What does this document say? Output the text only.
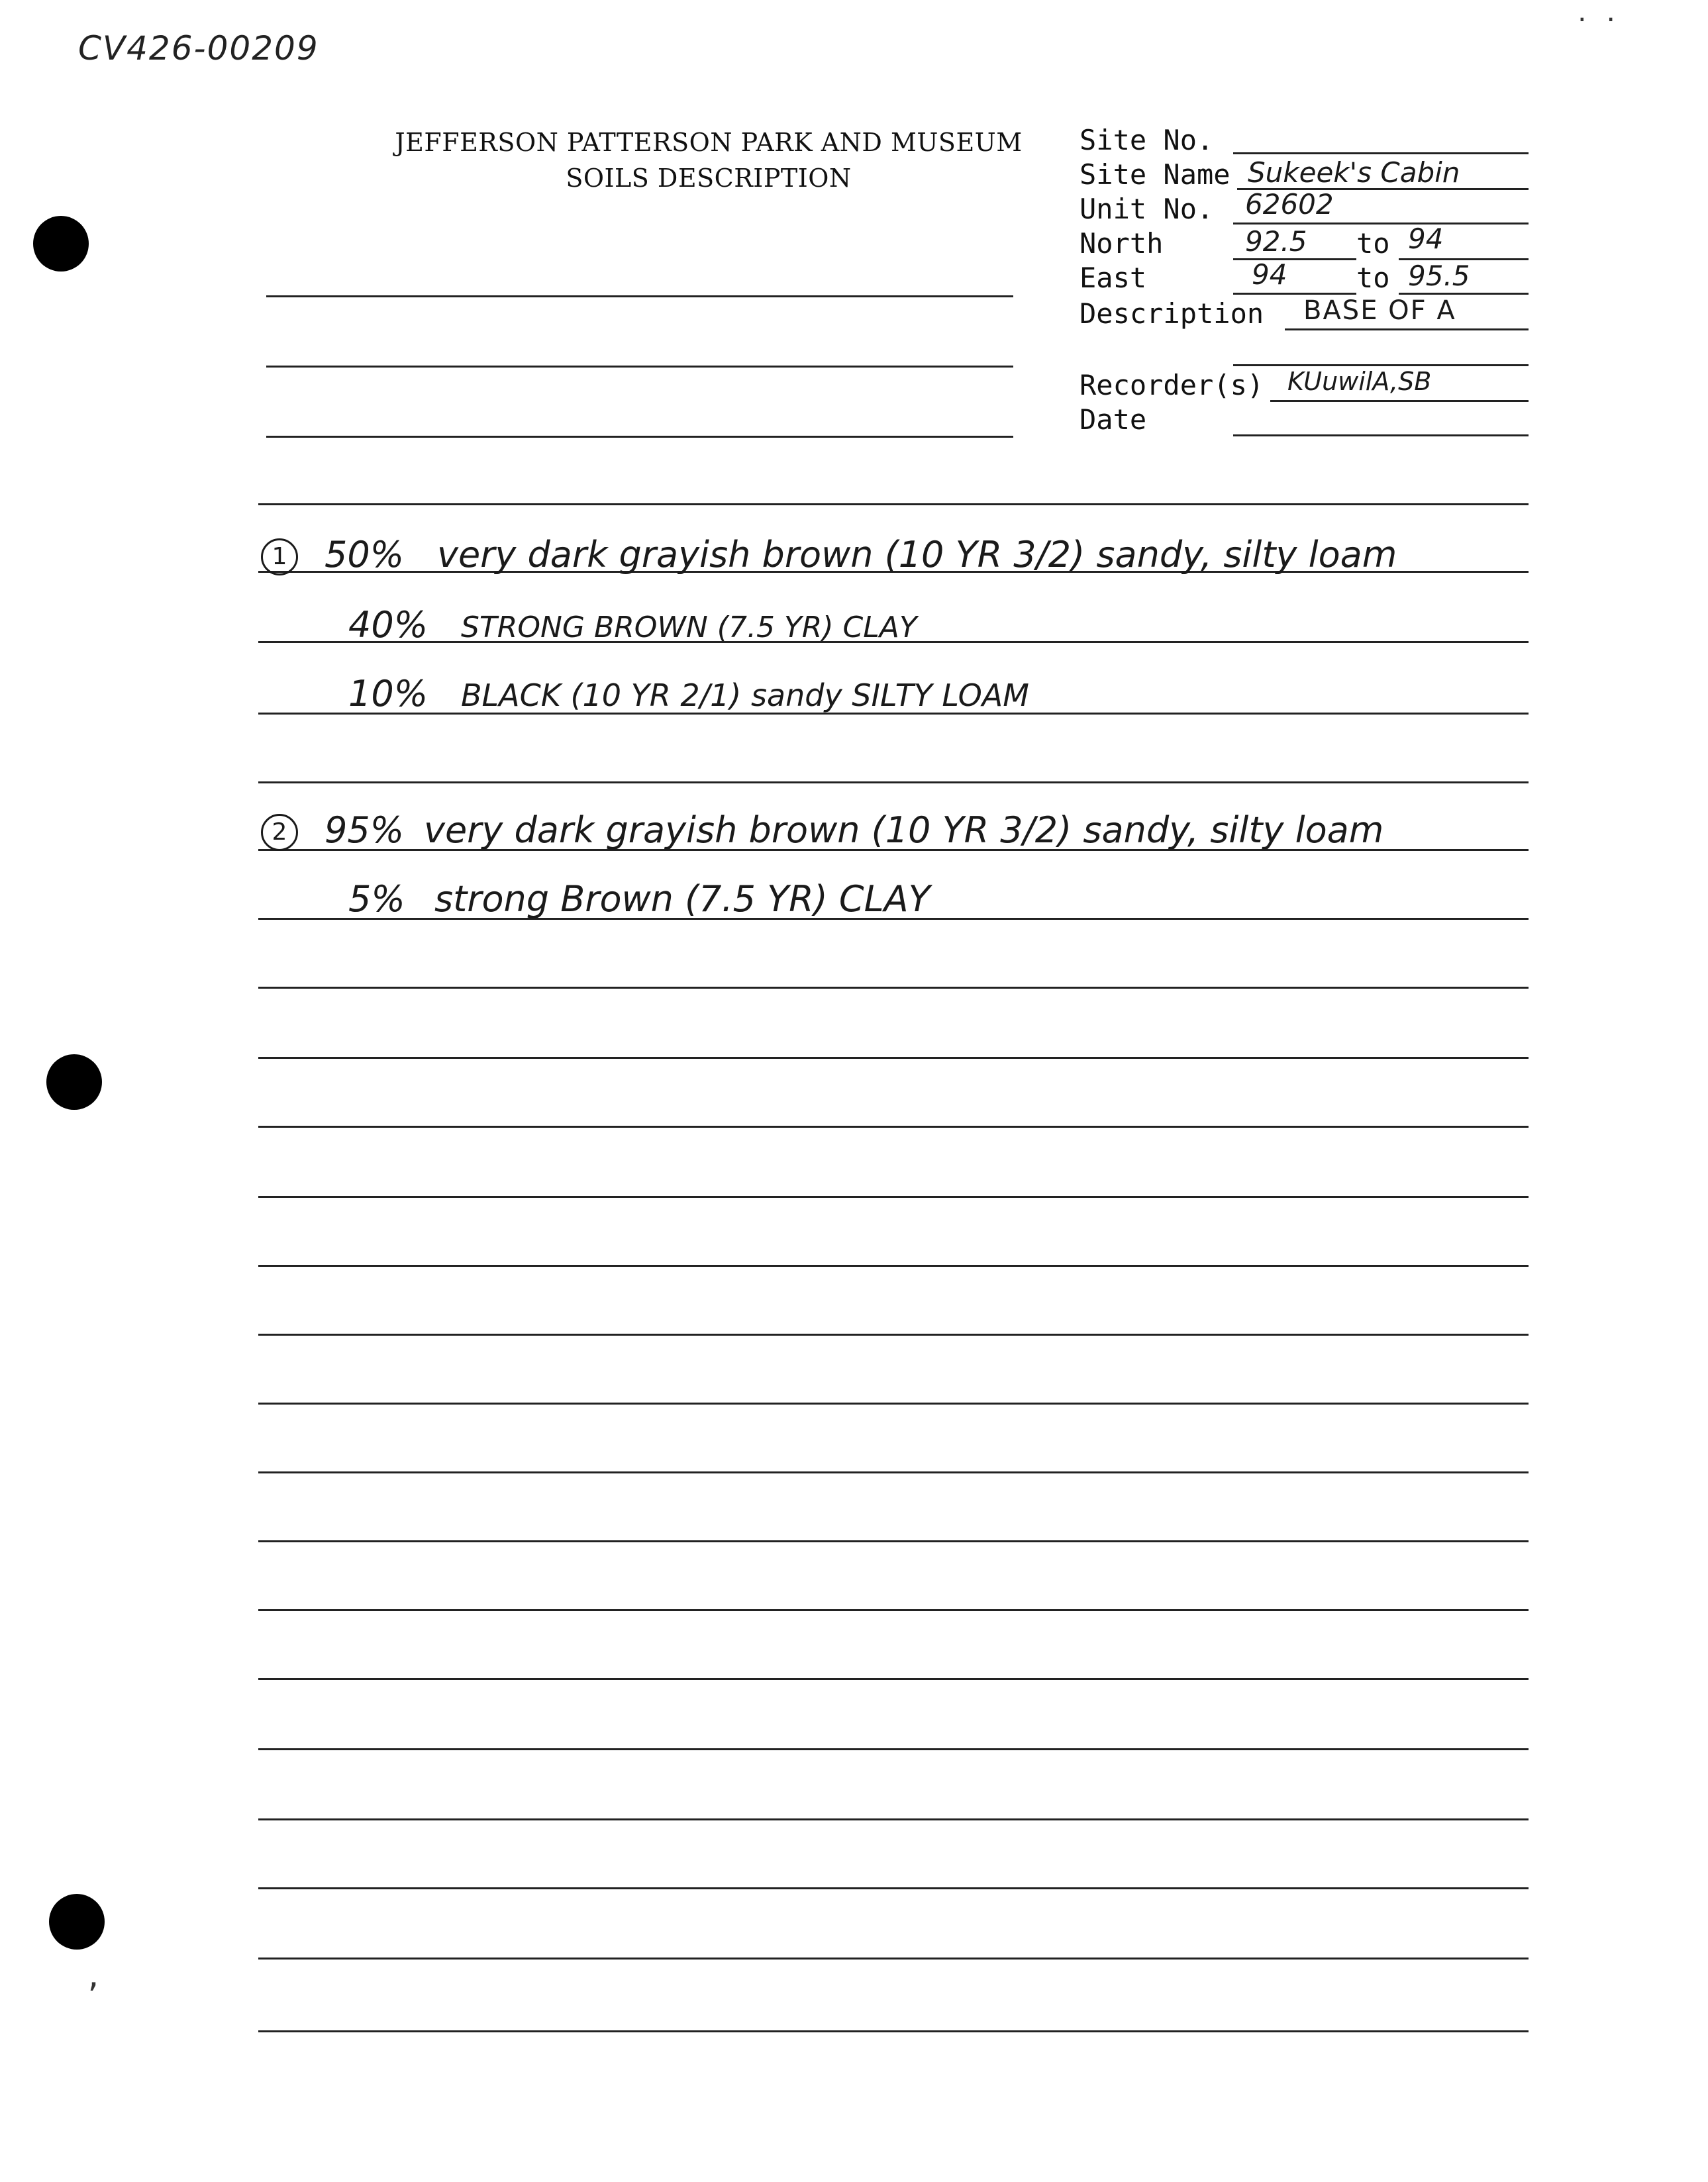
CV426-00209
JEFFERSON PATTERSON PARK AND MUSEUM
SOILS DESCRIPTION
Site No.
Site Name Sukeek's Cabin
Unit No. 62602
North	92.5 to 94
East	94 to 95.5
Description BASE OF A
Recorder(s) KUuwilA,SB
Date
1 50% very dark grayish brown (10 YR 3/2) sandy, silty loam
40% STRONG BROWN (7.5 YR) CLAY
10% BLACK (10 YR 2/1) sandy SILTY LOAM
2 95% very dark grayish brown (10 YR 3/2) sandy, silty loam
5% strong Brown (7.5 YR) CLAY
· ·
,
